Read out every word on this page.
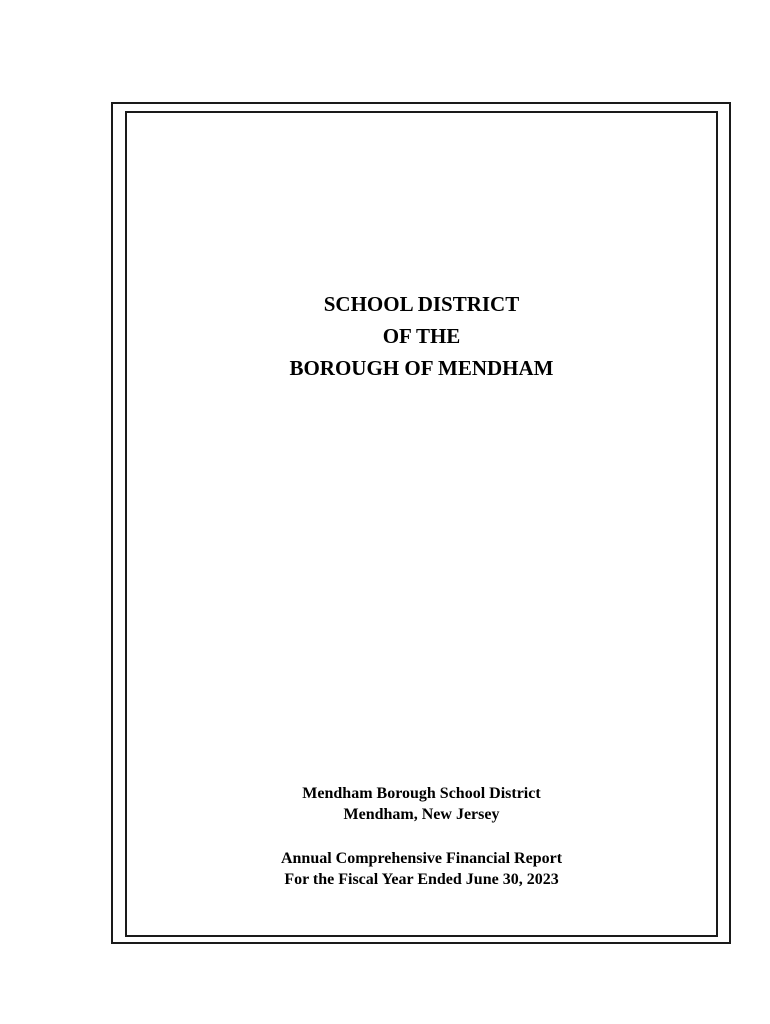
SCHOOL DISTRICT
OF THE
BOROUGH OF MENDHAM
Mendham Borough School District
Mendham, New Jersey
Annual Comprehensive Financial Report
For the Fiscal Year Ended June 30, 2023
